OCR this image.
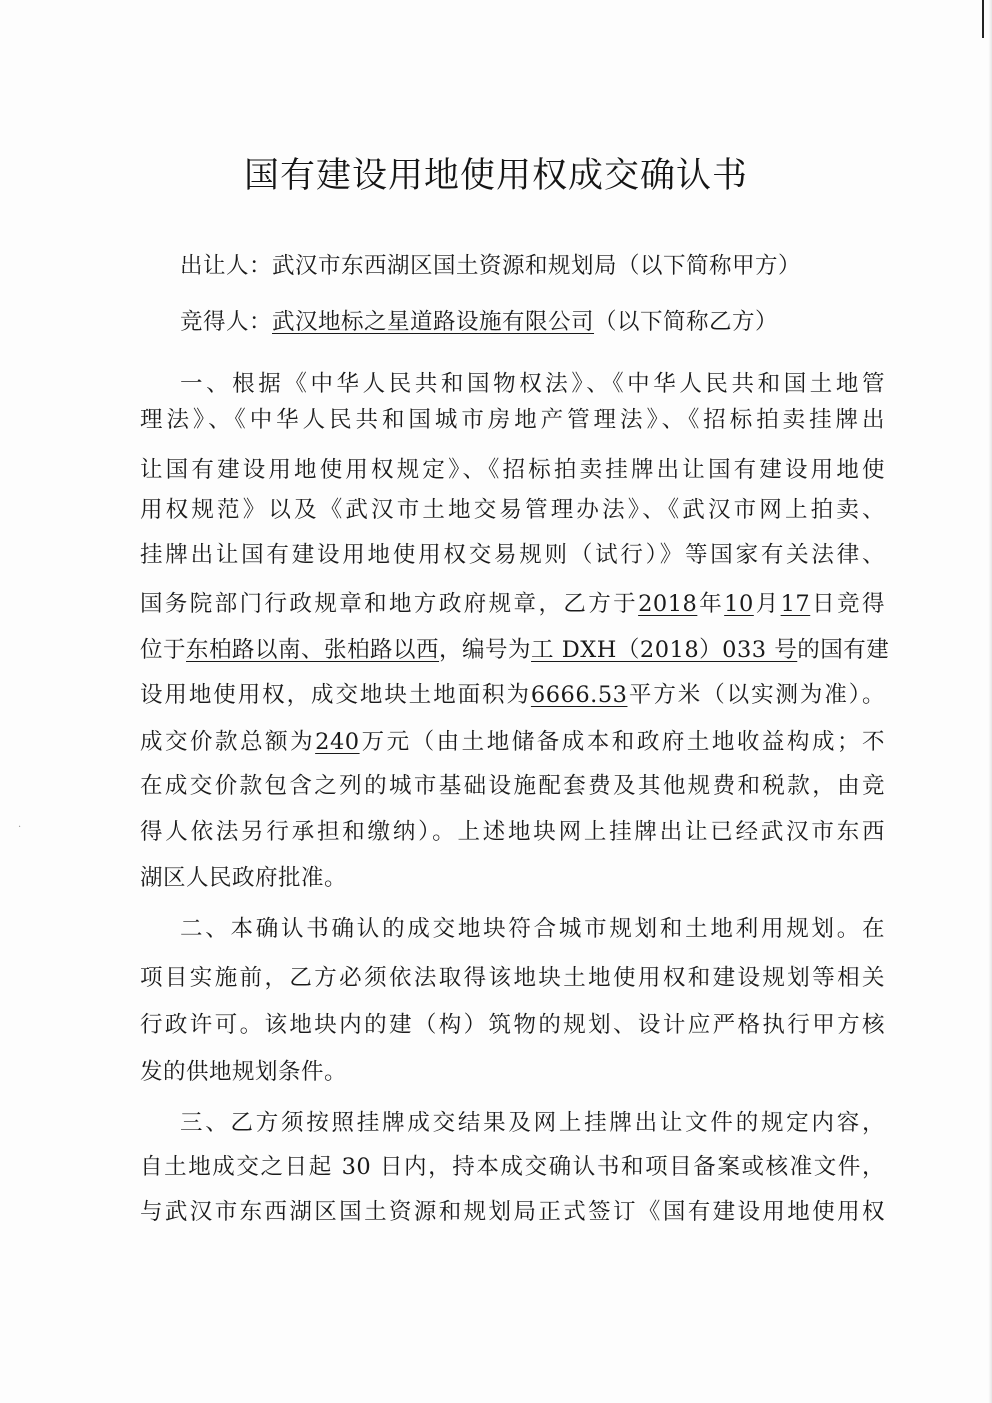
国有建设用地使用权成交确认书
出让人：武汉市东西湖区国土资源和规划局（以下简称甲方）
竞得人：武汉地标之星道路设施有限公司（以下简称乙方）
一、根据《中华人民共和国物权法》、《中华人民共和国土地管
理法》、《中华人民共和国城市房地产管理法》、《招标拍卖挂牌出
让国有建设用地使用权规定》、《招标拍卖挂牌出让国有建设用地使
用权规范》以及《武汉市土地交易管理办法》、《武汉市网上拍卖、
挂牌出让国有建设用地使用权交易规则（试行）》等国家有关法律、
国务院部门行政规章和地方政府规章，乙方于2018年10月17日竞得
位于东柏路以南、张柏路以西，编号为工 DXH（2018）033 号的国有建
设用地使用权，成交地块土地面积为6666.53平方米（以实测为准）。
成交价款总额为240万元（由土地储备成本和政府土地收益构成；不
在成交价款包含之列的城市基础设施配套费及其他规费和税款，由竞
得人依法另行承担和缴纳）。上述地块网上挂牌出让已经武汉市东西
湖区人民政府批准。
二、本确认书确认的成交地块符合城市规划和土地利用规划。在
项目实施前，乙方必须依法取得该地块土地使用权和建设规划等相关
行政许可。该地块内的建（构）筑物的规划、设计应严格执行甲方核
发的供地规划条件。
三、乙方须按照挂牌成交结果及网上挂牌出让文件的规定内容，
自土地成交之日起 30 日内，持本成交确认书和项目备案或核准文件，
与武汉市东西湖区国土资源和规划局正式签订《国有建设用地使用权
·
